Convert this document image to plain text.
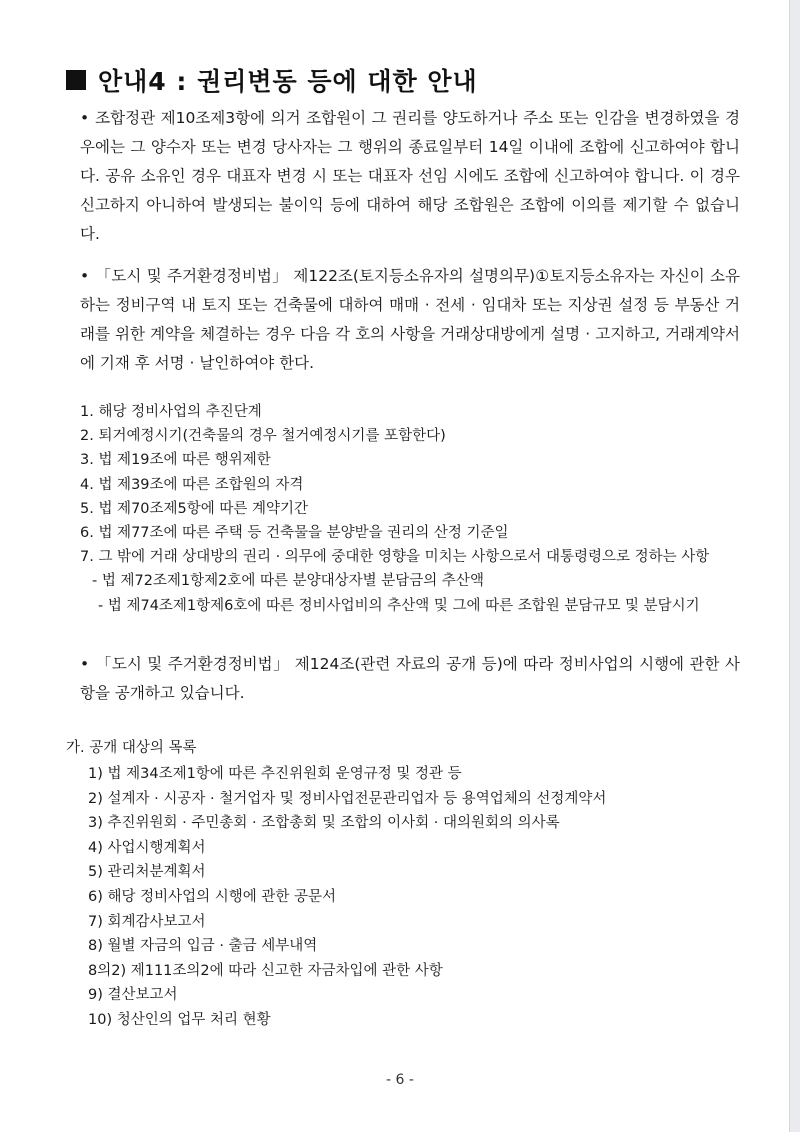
안내4 : 권리변동 등에 대한 안내
• 조합정관 제10조제3항에 의거 조합원이 그 권리를 양도하거나 주소 또는 인감을 변경하였을 경우에는 그 양수자 또는 변경 당사자는 그 행위의 종료일부터 14일 이내에 조합에 신고하여야 합니다. 공유 소유인 경우 대표자 변경 시 또는 대표자 선임 시에도 조합에 신고하여야 합니다. 이 경우 신고하지 아니하여 발생되는 불이익 등에 대하여 해당 조합원은 조합에 이의를 제기할 수 없습니다.
• 「도시 및 주거환경정비법」 제122조(토지등소유자의 설명의무)①토지등소유자는 자신이 소유하는 정비구역 내 토지 또는 건축물에 대하여 매매 · 전세 · 임대차 또는 지상권 설정 등 부동산 거래를 위한 계약을 체결하는 경우 다음 각 호의 사항을 거래상대방에게 설명 · 고지하고, 거래계약서에 기재 후 서명 · 날인하여야 한다.
1. 해당 정비사업의 추진단계
2. 퇴거예정시기(건축물의 경우 철거예정시기를 포함한다)
3. 법 제19조에 따른 행위제한
4. 법 제39조에 따른 조합원의 자격
5. 법 제70조제5항에 따른 계약기간
6. 법 제77조에 따른 주택 등 건축물을 분양받을 권리의 산정 기준일
7. 그 밖에 거래 상대방의 권리 · 의무에 중대한 영향을 미치는 사항으로서 대통령령으로 정하는 사항
- 법 제72조제1항제2호에 따른 분양대상자별 분담금의 추산액
- 법 제74조제1항제6호에 따른 정비사업비의 추산액 및 그에 따른 조합원 분담규모 및 분담시기
• 「도시 및 주거환경정비법」 제124조(관련 자료의 공개 등)에 따라 정비사업의 시행에 관한 사항을 공개하고 있습니다.
가. 공개 대상의 목록
1) 법 제34조제1항에 따른 추진위원회 운영규정 및 정관 등
2) 설계자 · 시공자 · 철거업자 및 정비사업전문관리업자 등 용역업체의 선정계약서
3) 추진위원회 · 주민총회 · 조합총회 및 조합의 이사회 · 대의원회의 의사록
4) 사업시행계획서
5) 관리처분계획서
6) 해당 정비사업의 시행에 관한 공문서
7) 회계감사보고서
8) 월별 자금의 입금 · 출금 세부내역
8의2) 제111조의2에 따라 신고한 자금차입에 관한 사항
9) 결산보고서
10) 청산인의 업무 처리 현황
- 6 -
